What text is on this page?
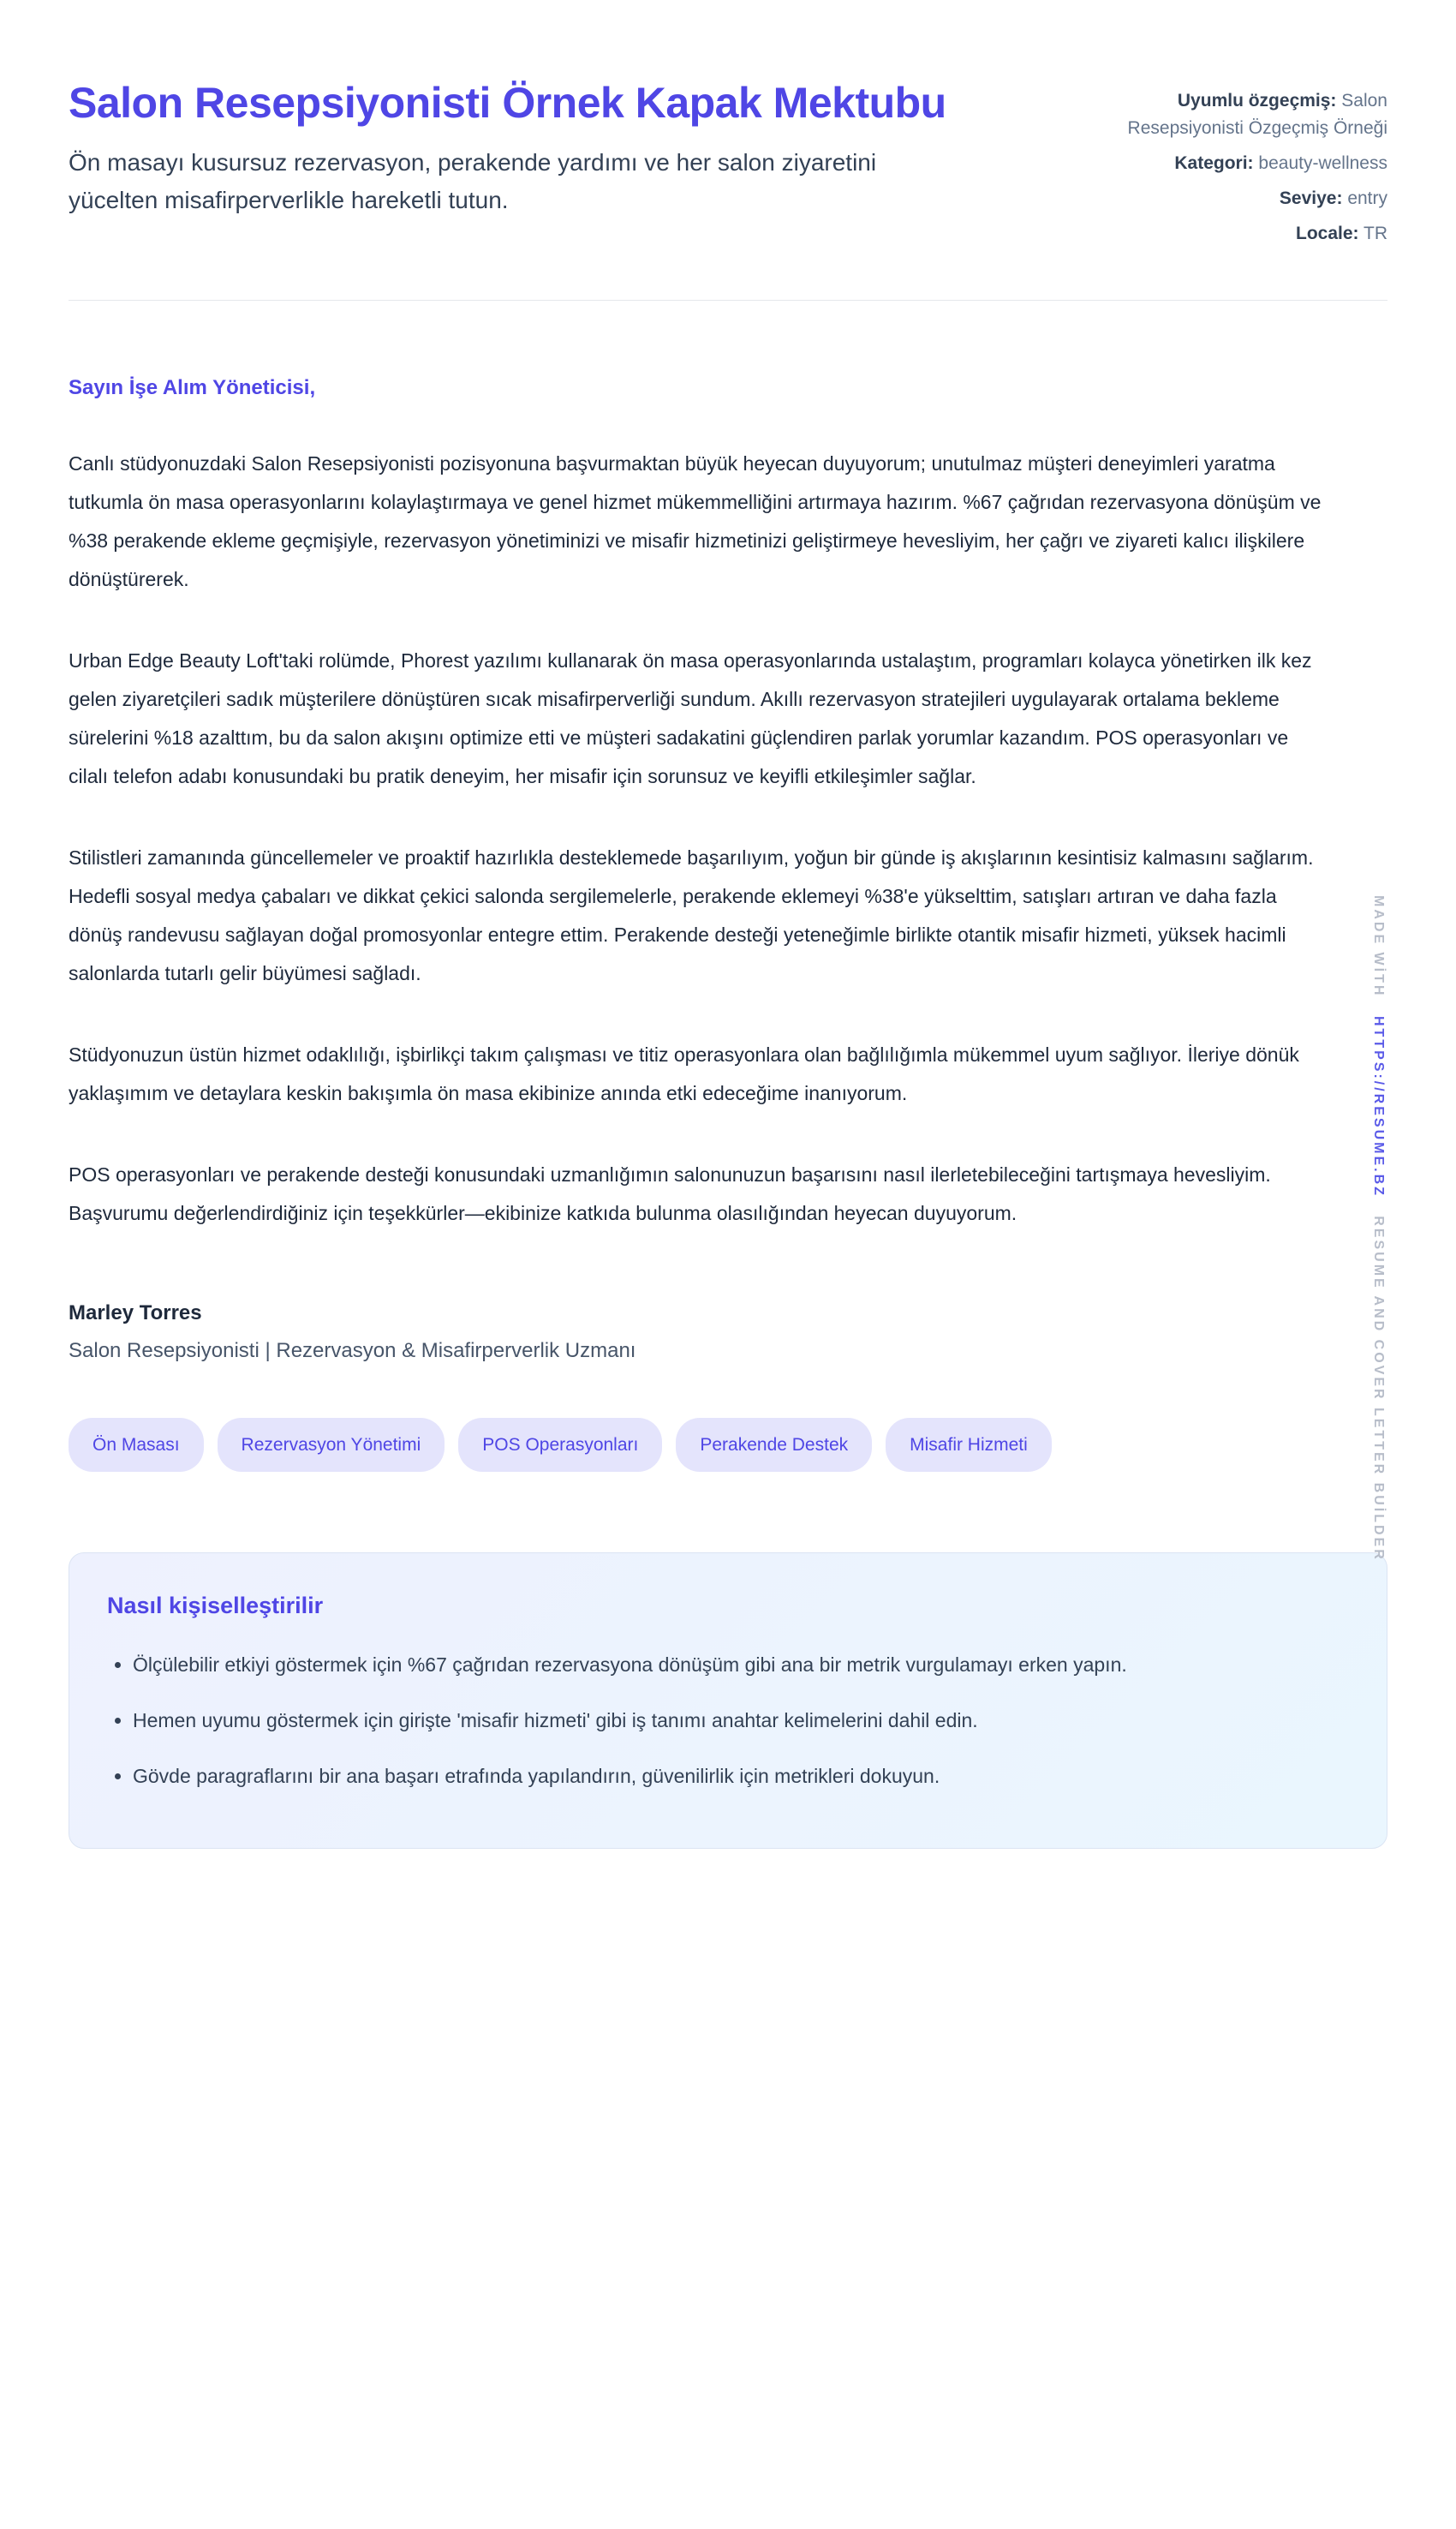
Salon Resepsiyonisti Örnek Kapak Mektubu

Ön masayı kusursuz rezervasyon, perakende yardımı ve her salon ziyaretini yücelten misafirperverlikle hareketli tutun.

Uyumlu özgeçmiş: Salon Resepsiyonisti Özgeçmiş Örneği
Kategori: beauty-wellness
Seviye: entry
Locale: TR

Sayın İşe Alım Yöneticisi,

Canlı stüdyonuzdaki Salon Resepsiyonisti pozisyonuna başvurmaktan büyük heyecan duyuyorum; unutulmaz müşteri deneyimleri yaratma tutkumla ön masa operasyonlarını kolaylaştırmaya ve genel hizmet mükemmelliğini artırmaya hazırım. %67 çağrıdan rezervasyona dönüşüm ve %38 perakende ekleme geçmişiyle, rezervasyon yönetiminizi ve misafir hizmetinizi geliştirmeye hevesliyim, her çağrı ve ziyareti kalıcı ilişkilere dönüştürerek.

Urban Edge Beauty Loft'taki rolümde, Phorest yazılımı kullanarak ön masa operasyonlarında ustalaştım, programları kolayca yönetirken ilk kez gelen ziyaretçileri sadık müşterilere dönüştüren sıcak misafirperverliği sundum. Akıllı rezervasyon stratejileri uygulayarak ortalama bekleme sürelerini %18 azalttım, bu da salon akışını optimize etti ve müşteri sadakatini güçlendiren parlak yorumlar kazandım. POS operasyonları ve cilalı telefon adabı konusundaki bu pratik deneyim, her misafir için sorunsuz ve keyifli etkileşimler sağlar.

Stilistleri zamanında güncellemeler ve proaktif hazırlıkla desteklemede başarılıyım, yoğun bir günde iş akışlarının kesintisiz kalmasını sağlarım. Hedefli sosyal medya çabaları ve dikkat çekici salonda sergilemelerle, perakende eklemeyi %38'e yükselttim, satışları artıran ve daha fazla dönüş randevusu sağlayan doğal promosyonlar entegre ettim. Perakende desteği yeteneğimle birlikte otantik misafir hizmeti, yüksek hacimli salonlarda tutarlı gelir büyümesi sağladı.

Stüdyonuzun üstün hizmet odaklılığı, işbirlikçi takım çalışması ve titiz operasyonlara olan bağlılığımla mükemmel uyum sağlıyor. İleriye dönük yaklaşımım ve detaylara keskin bakışımla ön masa ekibinize anında etki edeceğime inanıyorum.

POS operasyonları ve perakende desteği konusundaki uzmanlığımın salonunuzun başarısını nasıl ilerletebileceğini tartışmaya hevesliyim. Başvurumu değerlendirdiğiniz için teşekkürler—ekibinize katkıda bulunma olasılığından heyecan duyuyorum.

Marley Torres

Salon Resepsiyonisti | Rezervasyon & Misafirperverlik Uzmanı

Ön Masası	Rezervasyon Yönetimi	POS Operasyonları	Perakende Destek	Misafir Hizmeti
Nasıl kişiselleştirilir
• Ölçülebilir etkiyi göstermek için %67 çağrıdan rezervasyona dönüşüm gibi ana bir metrik vurgulamayı erken yapın.
• Hemen uyumu göstermek için girişte 'misafir hizmeti' gibi iş tanımı anahtar kelimelerini dahil edin.
• Gövde paragraflarını bir ana başarı etrafında yapılandırın, güvenilirlik için metrikleri dokuyun.
MADE WİTH HTTPS://RESUME.BZ RESUME AND COVER LETTER BUİLDER
